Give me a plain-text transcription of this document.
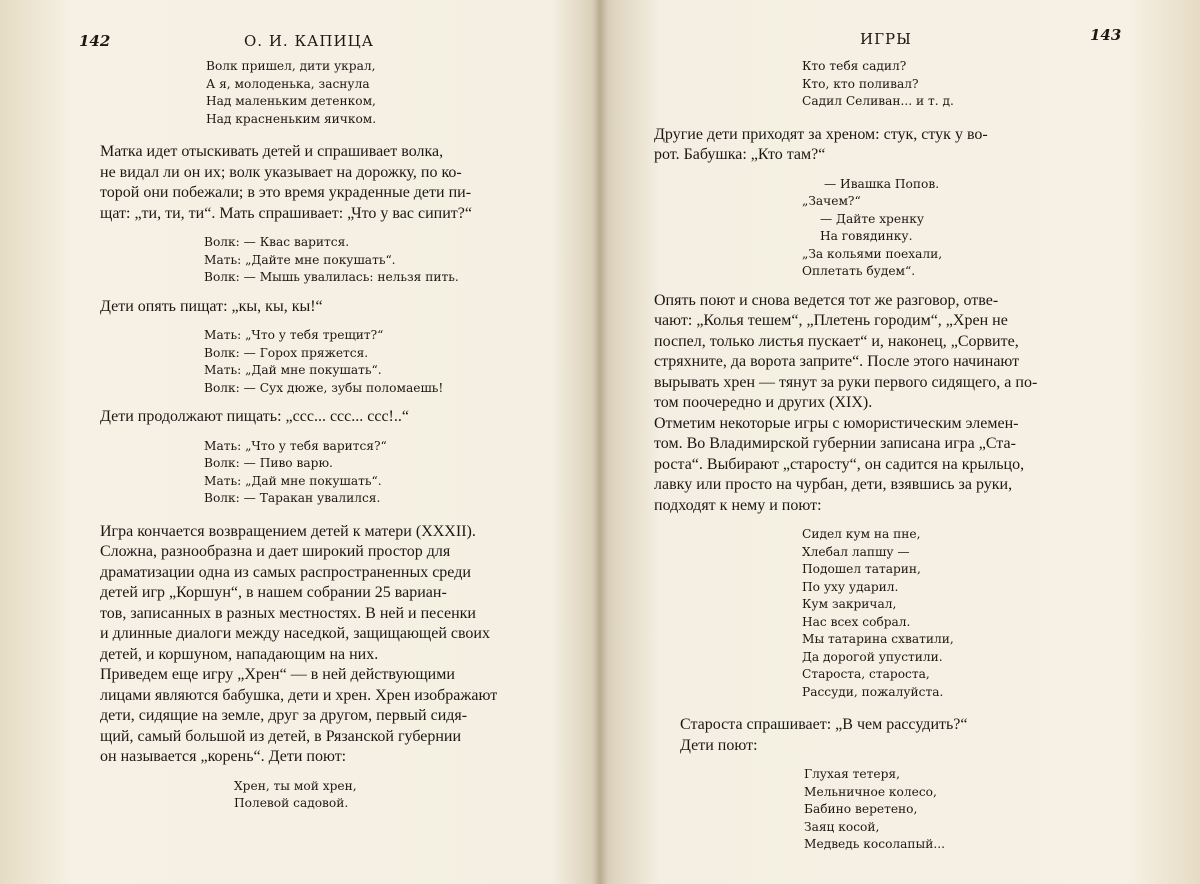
142	О. И. КАПИЦА
Волк пришел, дити украл,
А я, молоденька, заснула
Над маленьким детенком,
Над красненьким яичком.
Матка идет отыскивать детей и спрашивает волка,
не видал ли он их; волк указывает на дорожку, по ко-
торой они побежали; в это время украденные дети пи-
щат: „ти, ти, ти“. Мать спрашивает: „Что у вас сипит?“
Волк: — Квас варится.
Мать: „Дайте мне покушать“.
Волк: — Мышь увалилась: нельзя пить.
Дети опять пищат: „кы, кы, кы!“
Мать: „Что у тебя трещит?“
Волк: — Горох пряжется.
Мать: „Дай мне покушать“.
Волк: — Сух дюже, зубы поломаешь!
Дети продолжают пищать: „ссс... ссс... ссс!..“
Мать: „Что у тебя варится?“
Волк: — Пиво варю.
Мать: „Дай мне покушать“.
Волк: — Таракан увалился.
Игра кончается возвращением детей к матери (XXXII).
Сложна, разнообразна и дает широкий простор для
драматизации одна из самых распространенных среди
детей игр „Коршун“, в нашем собрании 25 вариан-
тов, записанных в разных местностях. В ней и песенки
и длинные диалоги между наседкой, защищающей своих
детей, и коршуном, нападающим на них.
Приведем еще игру „Хрен“ — в ней действующими
лицами являются бабушка, дети и хрен. Хрен изображают
дети, сидящие на земле, друг за другом, первый сидя-
щий, самый большой из детей, в Рязанской губернии
он называется „корень“. Дети поют:
Хрен, ты мой хрен,
Полевой садовой.
ИГРЫ	143
Кто тебя садил?
Кто, кто поливал?
Садил Селиван... и т. д.
Другие дети приходят за хреном: стук, стук у во-
рот. Бабушка: „Кто там?“
— Ивашка Попов.
„Зачем?“
— Дайте хренку
На говядинку.
„За кольями поехали,
Оплетать будем“.
Опять поют и снова ведется тот же разговор, отве-
чают: „Колья тешем“, „Плетень городим“, „Хрен не
поспел, только листья пускает“ и, наконец, „Сорвите,
стряхните, да ворота заприте“. После этого начинают
вырывать хрен — тянут за руки первого сидящего, а по-
том поочередно и других (XIX).
Отметим некоторые игры с юмористическим элемен-
том. Во Владимирской губернии записана игра „Ста-
роста“. Выбирают „старосту“, он садится на крыльцо,
лавку или просто на чурбан, дети, взявшись за руки,
подходят к нему и поют:
Сидел кум на пне,
Хлебал лапшу —
Подошел татарин,
По уху ударил.
Кум закричал,
Нас всех собрал.
Мы татарина схватили,
Да дорогой упустили.
Староста, староста,
Рассуди, пожалуйста.
Староста спрашивает: „В чем рассудить?“
Дети поют:
Глухая тетеря,
Мельничное колесо,
Бабино веретено,
Заяц косой,
Медведь косолапый...
